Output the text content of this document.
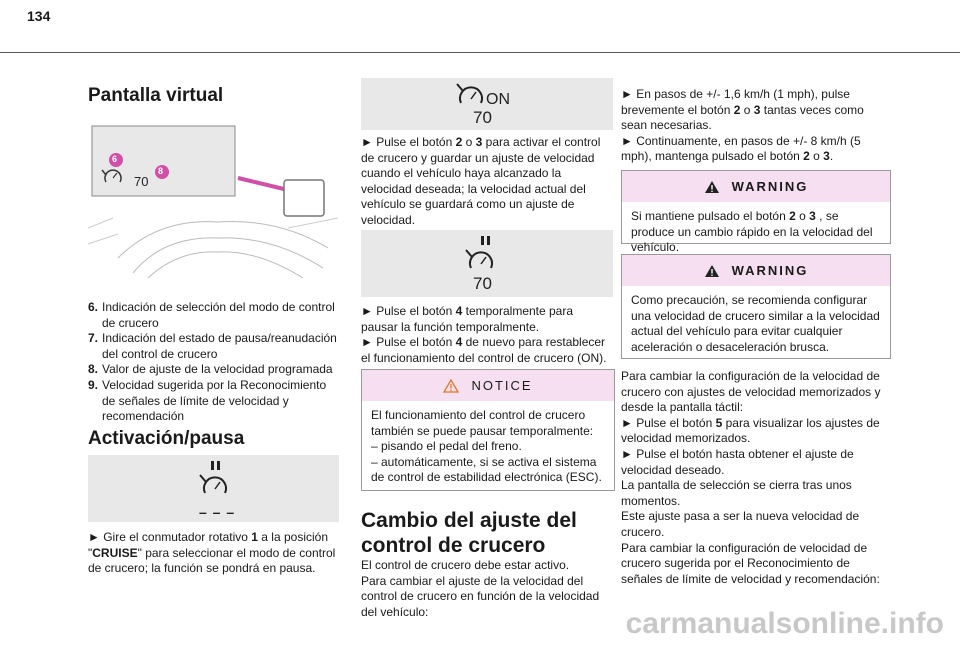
134
Pantalla virtual
6
8
70
6. Indicación de selección del modo de control de crucero
7. Indicación del estado de pausa/reanudación del control de crucero
8. Valor de ajuste de la velocidad programada
9. Velocidad sugerida por la Reconocimiento de señales de límite de velocidad y recomendación
Activación/pausa
– – –
► Gire el conmutador rotativo 1 a la posición "CRUISE" para seleccionar el modo de control de crucero; la función se pondrá en pausa.
ON
70
► Pulse el botón 2 o 3 para activar el control de crucero y guardar un ajuste de velocidad cuando el vehículo haya alcanzado la velocidad deseada; la velocidad actual del vehículo se guardará como un ajuste de velocidad.

70
► Pulse el botón 4 temporalmente para pausar la función temporalmente.
► Pulse el botón 4 de nuevo para restablecer el funcionamiento del control de crucero (ON).
NOTICE
El funcionamiento del control de crucero también se puede pausar temporalmente:
– pisando el pedal del freno.
– automáticamente, si se activa el sistema de control de estabilidad electrónica (ESC).
Cambio del ajuste del control de crucero
El control de crucero debe estar activo.
Para cambiar el ajuste de la velocidad del control de crucero en función de la velocidad del vehículo:
► En pasos de +/- 1,6 km/h (1 mph), pulse brevemente el botón 2 o 3 tantas veces como sean necesarias.
► Continuamente, en pasos de +/- 8 km/h (5 mph), mantenga pulsado el botón 2 o 3.
WARNING
Si mantiene pulsado el botón 2 o 3 , se produce un cambio rápido en la velocidad del vehículo.
WARNING
Como precaución, se recomienda configurar una velocidad de crucero similar a la velocidad actual del vehículo para evitar cualquier aceleración o desaceleración brusca.
Para cambiar la configuración de la velocidad de crucero con ajustes de velocidad memorizados y desde la pantalla táctil:
► Pulse el botón 5 para visualizar los ajustes de velocidad memorizados.
► Pulse el botón hasta obtener el ajuste de velocidad deseado.
La pantalla de selección se cierra tras unos momentos.
Este ajuste pasa a ser la nueva velocidad de crucero.
Para cambiar la configuración de velocidad de crucero sugerida por el Reconocimiento de señales de límite de velocidad y recomendación:
carmanualsonline.info
